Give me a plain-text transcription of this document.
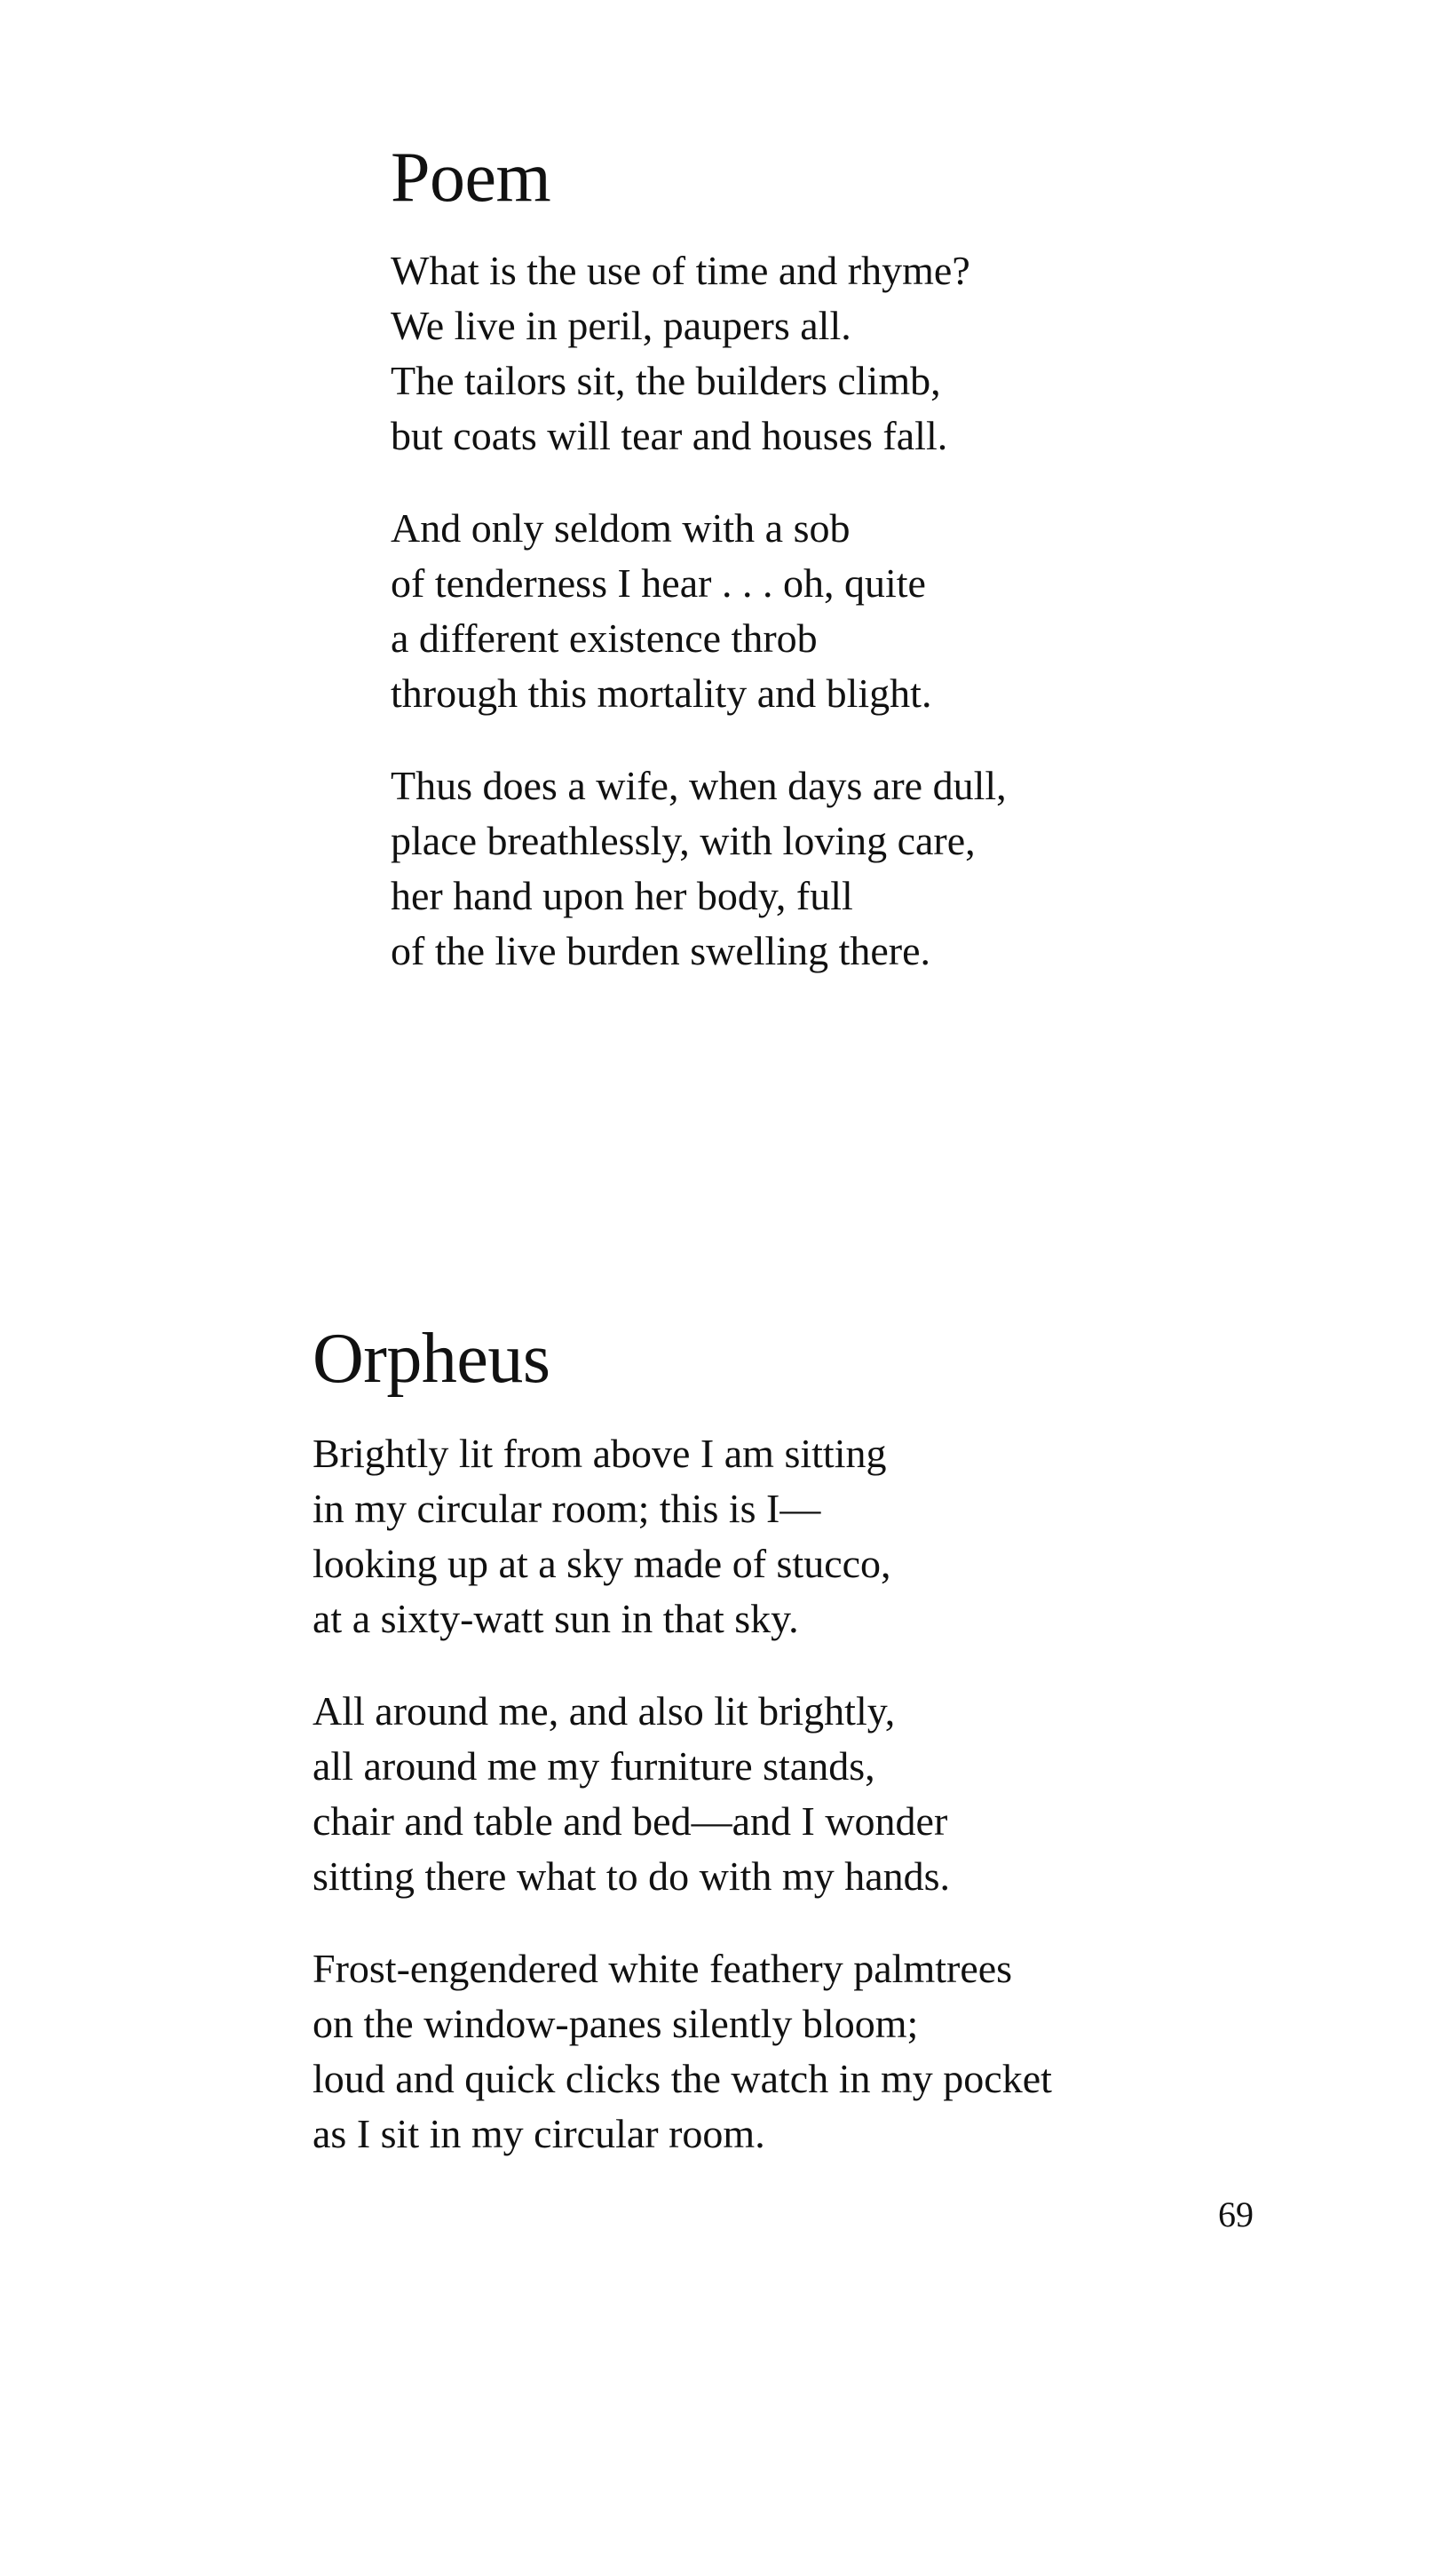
Poem

What is the use of time and rhyme?
We live in peril, paupers all.
The tailors sit, the builders climb,
but coats will tear and houses fall.

And only seldom with a sob
of tenderness I hear . . . oh, quite
a different existence throb
through this mortality and blight.

Thus does a wife, when days are dull,
place breathlessly, with loving care,
her hand upon her body, full
of the live burden swelling there.

Orpheus

Brightly lit from above I am sitting
in my circular room; this is I—
looking up at a sky made of stucco,
at a sixty-watt sun in that sky.

All around me, and also lit brightly,
all around me my furniture stands,
chair and table and bed—and I wonder
sitting there what to do with my hands.

Frost-engendered white feathery palmtrees
on the window-panes silently bloom;
loud and quick clicks the watch in my pocket
as I sit in my circular room.

69
